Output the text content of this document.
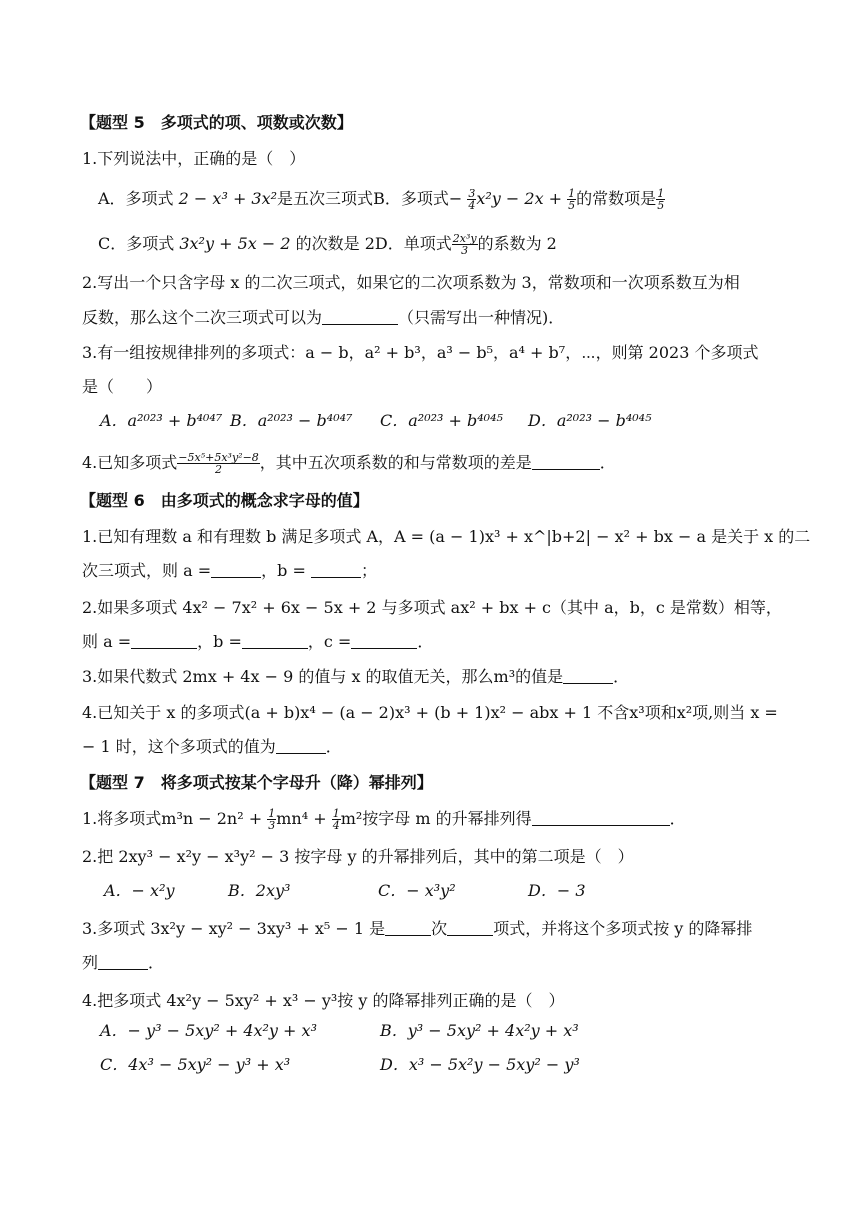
【题型 5　多项式的项、项数或次数】
1.下列说法中，正确的是（　）
A．多项式 2 − x³ + 3x²是五次三项式B．多项式− $\frac{3}{4} x^2y - 2x + \frac{1}{5}$ 的常数项是 $\frac{1}{5}$
C．多项式 3x²y + 5x − 2 的次数是 2D．单项式 $\frac{\text{2x³y}}{3}$ 的系数为 2
2.写出一个只含字母 x 的二次三项式，如果它的二次项系数为 3，常数项和一次项系数互为相
反数，那么这个二次三项式可以为	（只需写出一种情况)．
3.有一组按规律排列的多项式：a − b，a² + b³，a³ − b⁵，a⁴ + b⁷，⋯，则第 2023 个多项式
是（　　）
A．a²⁰²³ + b⁴⁰⁴⁷ B．a²⁰²³ − b⁴⁰⁴⁷ C．a²⁰²³ + b⁴⁰⁴⁵ D．a²⁰²³ − b⁴⁰⁴⁵
4.已知多项式 $\frac{\text{−5x⁵+5x³y²−8}}{2}$ ，其中五次项系数的和与常数项的差是	．
【题型 6　由多项式的概念求字母的值】
1.已知有理数 a 和有理数 b 满足多项式 A，A = (a − 1)x³ + x^|b+2| − x² + bx − a 是关于 x 的二
次三项式，则 a =	，b =	；
2.如果多项式 4x² − 7x² + 6x − 5x + 2 与多项式 ax² + bx + c（其中 a，b，c 是常数）相等，
则 a =	，b =	，c =	．
3.如果代数式 2mx + 4x − 9 的值与 x 的取值无关，那么m³的值是	．
4.已知关于 x 的多项式(a + b)x⁴ − (a − 2)x³ + (b + 1)x² − abx + 1 不含x³项和x²项,则当 x =
− 1 时，这个多项式的值为	．
【题型 7　将多项式按某个字母升（降）幂排列】
1.将多项式$m^3n - 2n^2 + \frac{1}{3} mn^4 + \frac{1}{4} m^2$按字母 m 的升幂排列得	．
2.把 2xy³ − x²y − x³y² − 3 按字母 y 的升幂排列后，其中的第二项是（　）
A．− x²y	B．2xy³	C．− x³y²	D．− 3
3.多项式 3x²y − xy² − 3xy³ + x⁵ − 1 是	次	项式，并将这个多项式按 y 的降幂排
列	．
4.把多项式 4x²y − 5xy² + x³ − y³按 y 的降幂排列正确的是（　）
A．− y³ − 5xy² + 4x²y + x³	B．y³ − 5xy² + 4x²y + x³
C．4x³ − 5xy² − y³ + x³	D．x³ − 5x²y − 5xy² − y³
